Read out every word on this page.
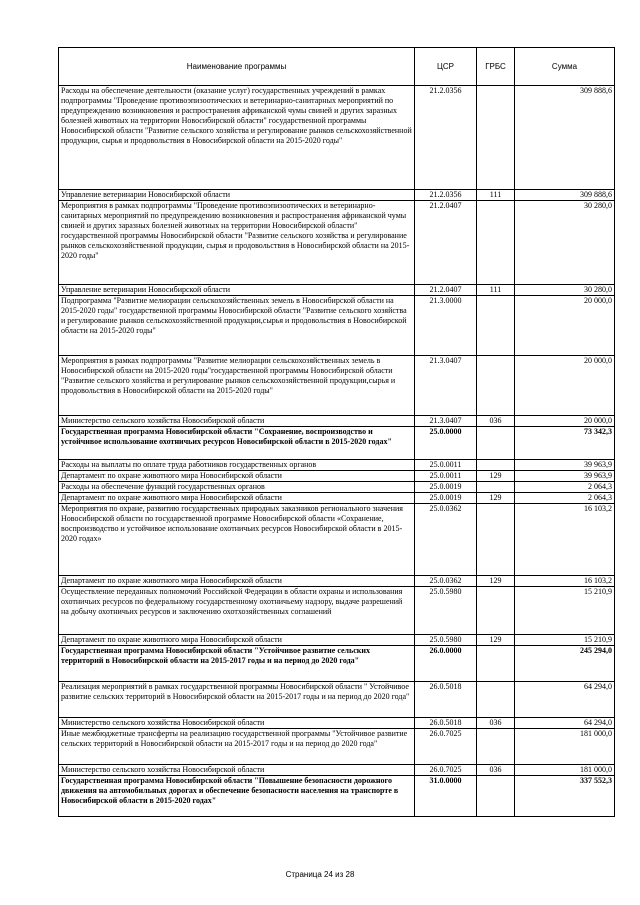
Наименование программы	ЦСР	ГРБС	Сумма
Расходы на обеспечение деятельности (оказание услуг) государственных учреждений в рамках подпрограммы "Проведение противоэпизоотических и ветеринарно-санитарных мероприятий по предупреждению возникновения и распространения африканской чумы свиней и других заразных болезней животных на территории Новосибирской области" государственной программы Новосибирской области "Развитие сельского хозяйства и регулирование рынков сельскохозяйственной продукции, сырья и продовольствия в Новосибирской области на 2015-2020 годы"	21.2.0356		309 888,6
Управление ветеринарии Новосибирской области	21.2.0356	111	309 888,6
Мероприятия в рамках подпрограммы "Проведение противоэпизоотических и ветеринарно-санитарных мероприятий по предупреждению возникновения и распространения африканской чумы свиней и других заразных болезней животных на территории Новосибирской области" государственной программы Новосибирской области "Развитие сельского хозяйства и регулирование рынков сельскохозяйственной продукции, сырья и продовольствия в Новосибирской области на 2015-2020 годы"	21.2.0407		30 280,0
Управление ветеринарии Новосибирской области	21.2.0407	111	30 280,0
Подпрограмма "Развитие мелиорации сельскохозяйственных земель в Новосибирской области на 2015-2020 годы" государственной программы Новосибирской области "Развитие сельского хозяйства и регулирование рынков сельскохозяйственной продукции,сырья и продовольствия в Новосибирской области на 2015-2020 годы"	21.3.0000		20 000,0
Мероприятия в рамках подпрограммы "Развитие мелиорации сельскохозяйственных земель в Новосибирской области на 2015-2020 годы"государственной программы Новосибирской области "Развитие сельского хозяйства и регулирование рынков сельскохозяйственной продукции,сырья и продовольствия в Новосибирской области на 2015-2020 годы"	21.3.0407		20 000,0
Министерство сельского хозяйства Новосибирской области	21.3.0407	036	20 000,0
Государственная программа Новосибирской области "Сохранение, воспроизводство и устойчивое использование охотничьих ресурсов Новосибирской области в 2015-2020 годах"	25.0.0000		73 342,3
Расходы на выплаты по оплате труда работников государственных органов	25.0.0011		39 963,9
Департамент по охране животного мира Новосибирской области	25.0.0011	129	39 963,9
Расходы на обеспечение функций государственных органов	25.0.0019		2 064,3
Департамент по охране животного мира Новосибирской области	25.0.0019	129	2 064,3
Мероприятия по охране, развитию государственных природных заказников регионального значения Новосибирской области по государственной программе Новосибирской области «Сохранение, воспроизводство и устойчивое использование охотничьих ресурсов Новосибирской области в 2015-2020 годах»	25.0.0362		16 103,2
Департамент по охране животного мира Новосибирской области	25.0.0362	129	16 103,2
Осуществление переданных полномочий Российской Федерации в области охраны и использования охотничьих ресурсов по федеральному государственному охотничьему надзору, выдаче разрешений на добычу охотничьих ресурсов и заключению охотхозяйственных соглашений	25.0.5980		15 210,9
Департамент по охране животного мира Новосибирской области	25.0.5980	129	15 210,9
Государственная программа Новосибирской области "Устойчивое развитие сельских территорий в Новосибирской области на 2015-2017 годы и на период до 2020 года"	26.0.0000		245 294,0
Реализация мероприятий в рамках государственной программы Новосибирской области " Устойчивое развитие сельских территорий в Новосибирской области на 2015-2017 годы и на период до 2020 года"	26.0.5018		64 294,0
Министерство сельского хозяйства Новосибирской области	26.0.5018	036	64 294,0
Иные межбюджетные трансферты на реализацию государственной программы "Устойчивое развитие сельских территорий в Новосибирской области на 2015-2017 годы и на период до 2020 года"	26.0.7025		181 000,0
Министерство сельского хозяйства Новосибирской области	26.0.7025	036	181 000,0
Государственная программа Новосибирской области "Повышение безопасности дорожного движения на автомобильных дорогах и обеспечение безопасности населения на транспорте в Новосибирской области в 2015-2020 годах"	31.0.0000		337 552,3
Страница 24 из 28
